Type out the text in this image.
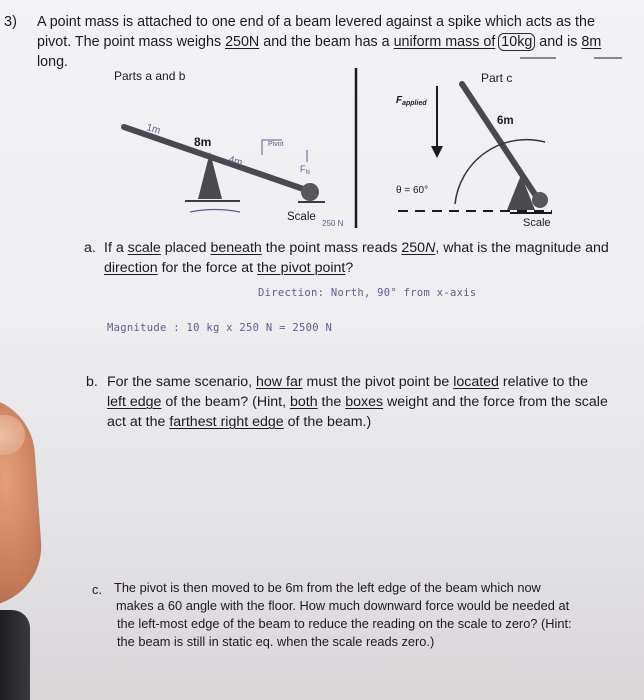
3) A point mass is attached to one end of a beam levered against a spike which acts as the
pivot. The point mass weighs 250N and the beam has a uniform mass of 10kg and is 8m
long.
Parts a and b
8m
1m
4m
Pivot
$F_N$
Scale
250 N
Part c
$F_{applied}$
6m
θ = 60°
Scale
a. If a scale placed beneath the point mass reads 250N, what is the magnitude and
direction for the force at the pivot point?
Direction: North, 90° from x-axis
Magnitude : 10 kg x 250 N = 2500 N
b. For the same scenario, how far must the pivot point be located relative to the
left edge of the beam? (Hint, both the boxes weight and the force from the scale
act at the farthest right edge of the beam.)
c. The pivot is then moved to be 6m from the left edge of the beam which now
makes a 60 angle with the floor. How much downward force would be needed at
the left-most edge of the beam to reduce the reading on the scale to zero? (Hint:
the beam is still in static eq. when the scale reads zero.)
